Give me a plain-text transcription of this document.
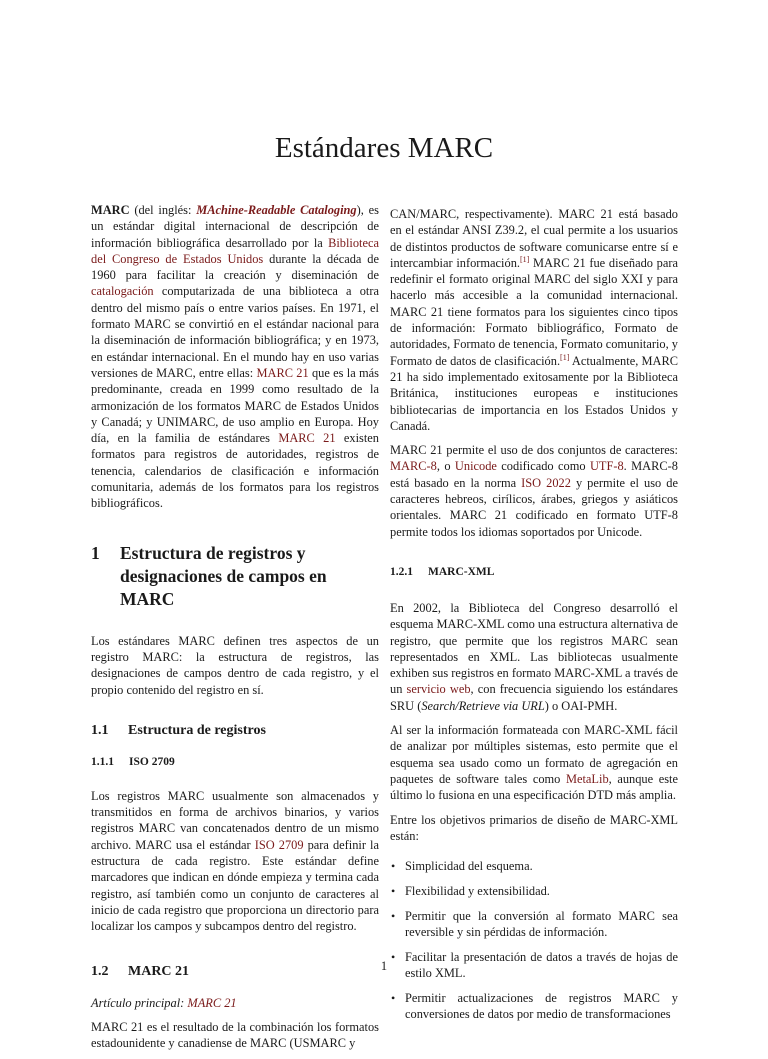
Estándares MARC

MARC (del inglés: MAchine-Readable Cataloging), es un estándar digital internacional de descripción de información bibliográfica desarrollado por la Biblioteca del Congreso de Estados Unidos durante la década de 1960 para facilitar la creación y diseminación de catalogación computarizada de una biblioteca a otra dentro del mismo país o entre varios países. En 1971, el formato MARC se convirtió en el estándar nacional para la diseminación de información bibliográfica; y en 1973, en estándar internacional. En el mundo hay en uso varias versiones de MARC, entre ellas: MARC 21 que es la más predominante, creada en 1999 como resultado de la armonización de los formatos MARC de Estados Unidos y Canadá; y UNIMARC, de uso amplio en Europa. Hoy día, en la familia de estándares MARC 21 existen formatos para registros de autoridades, registros de tenencia, calendarios de clasificación e información comunitaria, además de los formatos para los registros bibliográficos.

1	Estructura de registros y designaciones de campos en MARC

Los estándares MARC definen tres aspectos de un registro MARC: la estructura de registros, las designaciones de campos dentro de cada registro, y el propio contenido del registro en sí.

1.1	Estructura de registros
1.1.1	ISO 2709

Los registros MARC usualmente son almacenados y transmitidos en forma de archivos binarios, y varios registros MARC van concatenados dentro de un mismo archivo. MARC usa el estándar ISO 2709 para definir la estructura de cada registro. Este estándar define marcadores que indican en dónde empieza y termina cada registro, así también como un conjunto de caracteres al inicio de cada registro que proporciona un directorio para localizar los campos y subcampos dentro del registro.

1.2	MARC 21

Artículo principal: MARC 21

MARC 21 es el resultado de la combinación los formatos estadounidente y canadiense de MARC (USMARC y

CAN/MARC, respectivamente). MARC 21 está basado en el estándar ANSI Z39.2, el cual permite a los usuarios de distintos productos de software comunicarse entre sí e intercambiar información.[1] MARC 21 fue diseñado para redefinir el formato original MARC del siglo XXI y para hacerlo más accesible a la comunidad internacional. MARC 21 tiene formatos para los siguientes cinco tipos de información: Formato bibliográfico, Formato de autoridades, Formato de tenencia, Formato comunitario, y Formato de datos de clasificación.[1] Actualmente, MARC 21 ha sido implementado exitosamente por la Biblioteca Británica, instituciones europeas e instituciones bibliotecarias de importancia en los Estados Unidos y Canadá.

MARC 21 permite el uso de dos conjuntos de caracteres: MARC-8, o Unicode codificado como UTF-8. MARC-8 está basado en la norma ISO 2022 y permite el uso de caracteres hebreos, cirílicos, árabes, griegos y asiáticos orientales. MARC 21 codificado en formato UTF-8 permite todos los idiomas soportados por Unicode.

1.2.1	MARC-XML

En 2002, la Biblioteca del Congreso desarrolló el esquema MARC-XML como una estructura alternativa de registro, que permite que los registros MARC sean representados en XML. Las bibliotecas usualmente exhiben sus registros en formato MARC-XML a través de un servicio web, con frecuencia siguiendo los estándares SRU (Search/Retrieve via URL) o OAI-PMH.

Al ser la información formateada con MARC-XML fácil de analizar por múltiples sistemas, esto permite que el esquema sea usado como un formato de agregación en paquetes de software tales como MetaLib, aunque este último lo fusiona en una especificación DTD más amplia.

Entre los objetivos primarios de diseño de MARC-XML están:

• Simplicidad del esquema.
• Flexibilidad y extensibilidad.
• Permitir que la conversión al formato MARC sea reversible y sin pérdidas de información.
• Facilitar la presentación de datos a través de hojas de estilo XML.
• Permitir actualizaciones de registros MARC y conversiones de datos por medio de transformaciones
1
